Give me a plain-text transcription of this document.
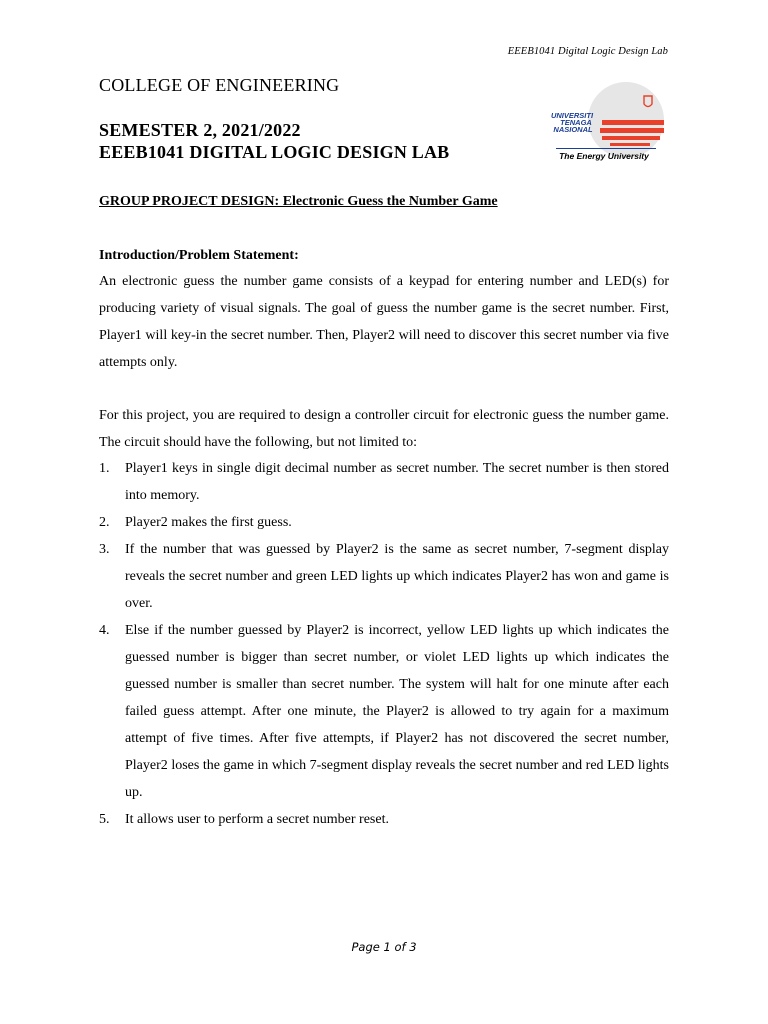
EEEB1041 Digital Logic Design Lab
COLLEGE OF ENGINEERING
SEMESTER 2, 2021/2022
EEEB1041 DIGITAL LOGIC DESIGN LAB
UNIVERSITI
TENAGA
NASIONAL
The Energy University
GROUP PROJECT DESIGN: Electronic Guess the Number Game
Introduction/Problem Statement:

An electronic guess the number game consists of a keypad for entering number and LED(s) for producing variety of visual signals. The goal of guess the number game is the secret number. First, Player1 will key-in the secret number. Then, Player2 will need to discover this secret number via five attempts only.

For this project, you are required to design a controller circuit for electronic guess the number game. The circuit should have the following, but not limited to:

1. Player1 keys in single digit decimal number as secret number. The secret number is then stored into memory.
2. Player2 makes the first guess.
3. If the number that was guessed by Player2 is the same as secret number, 7-segment display reveals the secret number and green LED lights up which indicates Player2 has won and game is over.
4. Else if the number guessed by Player2 is incorrect, yellow LED lights up which indicates the guessed number is bigger than secret number, or violet LED lights up which indicates the guessed number is smaller than secret number. The system will halt for one minute after each failed guess attempt. After one minute, the Player2 is allowed to try again for a maximum attempt of five times. After five attempts, if Player2 has not discovered the secret number, Player2 loses the game in which 7-segment display reveals the secret number and red LED lights up.
5. It allows user to perform a secret number reset.
Page 1 of 3
